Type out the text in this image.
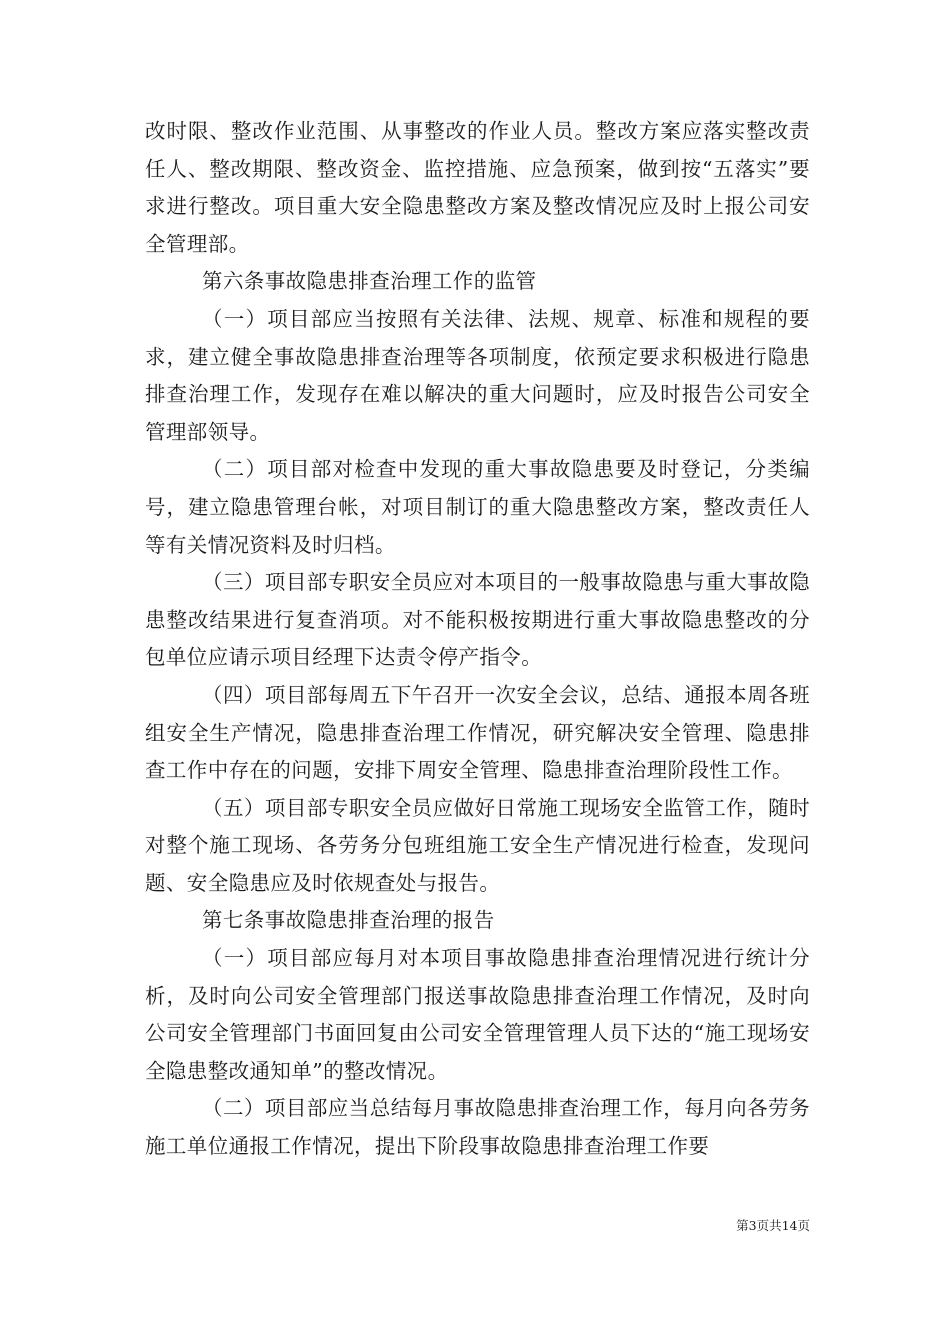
改时限、整改作业范围、从事整改的作业人员。整改方案应落实整改责任人、整改期限、整改资金、监控措施、应急预案，做到按“五落实”要求进行整改。项目重大安全隐患整改方案及整改情况应及时上报公司安全管理部。

第六条事故隐患排查治理工作的监管

（一）项目部应当按照有关法律、法规、规章、标准和规程的要求，建立健全事故隐患排查治理等各项制度，依预定要求积极进行隐患排查治理工作，发现存在难以解决的重大问题时，应及时报告公司安全管理部领导。

（二）项目部对检查中发现的重大事故隐患要及时登记，分类编号，建立隐患管理台帐，对项目制订的重大隐患整改方案，整改责任人等有关情况资料及时归档。

（三）项目部专职安全员应对本项目的一般事故隐患与重大事故隐患整改结果进行复查消项。对不能积极按期进行重大事故隐患整改的分包单位应请示项目经理下达责令停产指令。

（四）项目部每周五下午召开一次安全会议，总结、通报本周各班组安全生产情况，隐患排查治理工作情况，研究解决安全管理、隐患排查工作中存在的问题，安排下周安全管理、隐患排查治理阶段性工作。

（五）项目部专职安全员应做好日常施工现场安全监管工作，随时对整个施工现场、各劳务分包班组施工安全生产情况进行检查，发现问题、安全隐患应及时依规查处与报告。

第七条事故隐患排查治理的报告

（一）项目部应每月对本项目事故隐患排查治理情况进行统计分析，及时向公司安全管理部门报送事故隐患排查治理工作情况，及时向公司安全管理部门书面回复由公司安全管理管理人员下达的“施工现场安全隐患整改通知单”的整改情况。

（二）项目部应当总结每月事故隐患排查治理工作，每月向各劳务施工单位通报工作情况，提出下阶段事故隐患排查治理工作要

第3页共14页
